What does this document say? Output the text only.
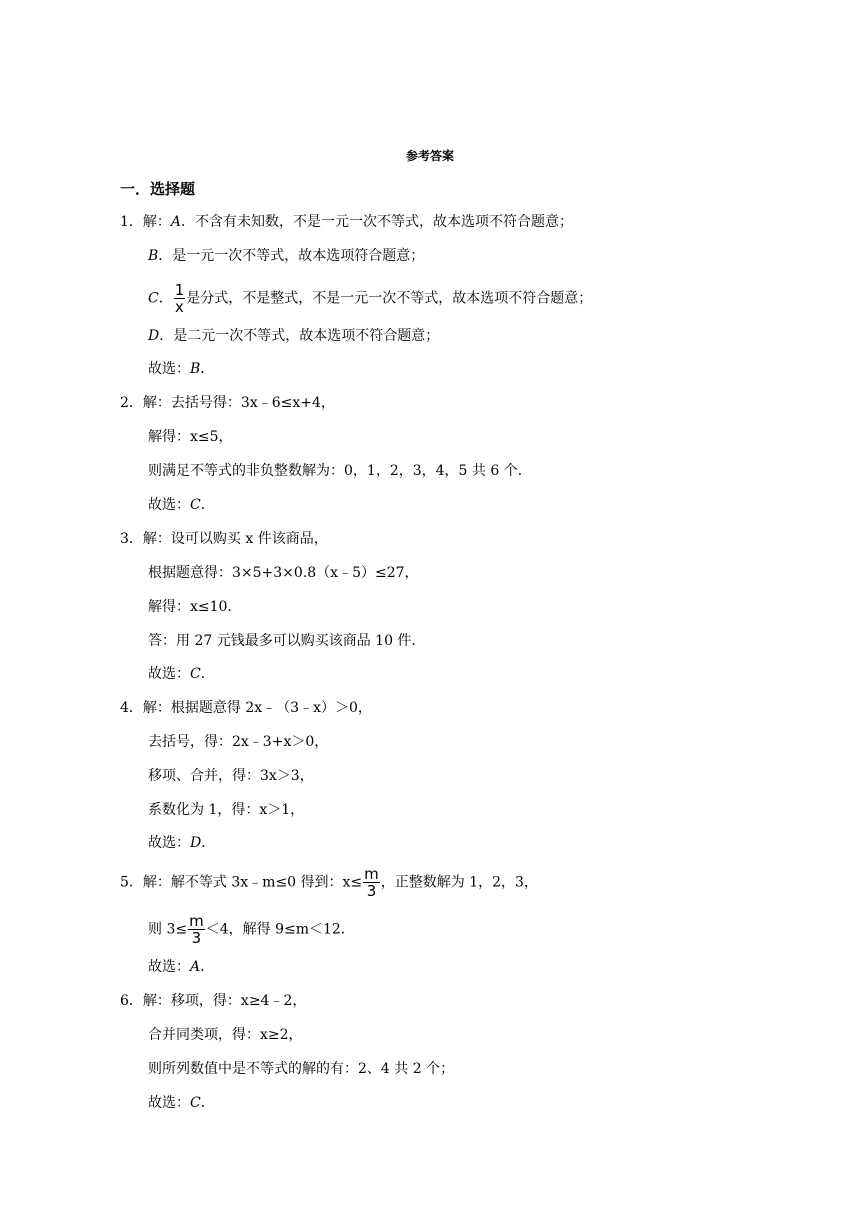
参考答案
一．选择题
1．解：A．不含有未知数，不是一元一次不等式，故本选项不符合题意；
B．是一元一次不等式，故本选项符合题意；
C． $\frac{1}{x}$ 是分式，不是整式，不是一元一次不等式，故本选项不符合题意；
D．是二元一次不等式，故本选项不符合题意；
故选：B．
2．解：去括号得：3x﹣6≤x+4，
解得：x≤5，
则满足不等式的非负整数解为：0，1，2，3，4，5 共 6 个．
故选：C．
3．解：设可以购买 x 件该商品，
根据题意得：3×5+3×0.8（x﹣5）≤27，
解得：x≤10．
答：用 27 元钱最多可以购买该商品 10 件．
故选：C．
4．解：根据题意得 2x﹣（3﹣x）＞0，
去括号，得：2x﹣3+x＞0，
移项、合并，得：3x＞3，
系数化为 1，得：x＞1，
故选：D．
5．解：解不等式 3x﹣m≤0 得到：$x\le \frac{m}{3}$ ，正整数解为 1，2，3，
则 $3\le \frac{m}{3} <4$，解得 9≤m＜12．
故选：A．
6．解：移项，得：x≥4﹣2，
合并同类项，得：x≥2，
则所列数值中是不等式的解的有：2、4 共 2 个；
故选：C．
